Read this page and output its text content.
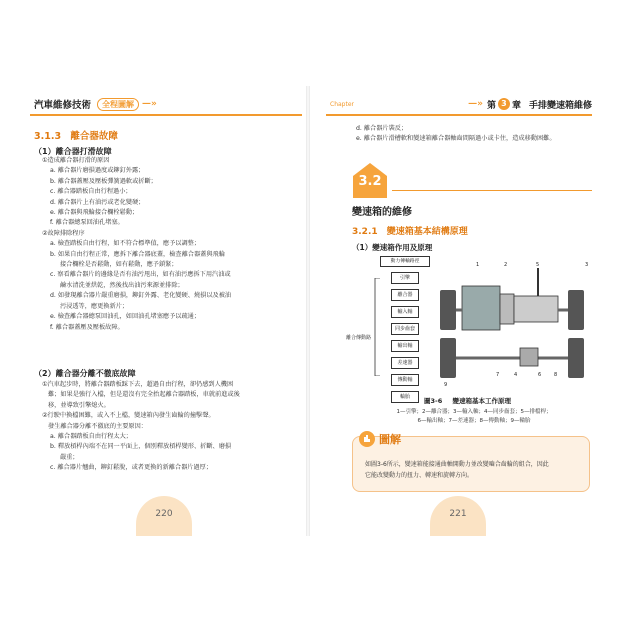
汽車維修技術	全程圖解 —»
3.1.3 離合器故障
（1）離合器打滑故障
①造成離合器打滑的原因
a. 離合器片磨損過度或鉚釘外露；
b. 離合器蓋壓及壓板彈簧過軟或折斷；
c. 離合器踏板自由行程過小；
d. 離合器片上有油污或老化變硬；
e. 離合器與飛輪接合欄栓鬆動；
f. 離合器總泵回油孔堵塞。
②故障排除程序
a. 檢查踏板自由行程，如不符合標準值，應予以調整；
b. 如果自由行程正常，應拆下離合器底蓋，檢查離合器蓋與飛輪
接合欄栓是否鬆動，如有鬆動，應予鎖緊；
c. 察看離合器片的邊緣是否有油污甩出，如有油污應拆下用汽油或
鹼水清洗並烘乾，然後找出油污來源並排除；
d. 如發現離合器片嚴重磨損，鉚釘外露、老化變硬、燒損以及被油
污浸透等，應更換新片；
e. 檢查離合器總泵回油孔，如回油孔堵塞應予以疏通；
f. 離合器蓋壓及壓板故障。
（2）離合器分離不徹底故障
①汽車起步時，將離合器踏板踩下去，超過自由行程，卻仍感到人機困
難；如果是強行入檔，但是還沒有完全抬起離合器踏板，車就前進或後
移，並導致引擎熄火。
②行駛中換檔困難，或入不上檔，變速箱內發生齒輪的撞擊聲。
發生離合器分離不徹底的主要原因：
a. 離合器踏板自由行程太大；
b. 釋放槓桿內端不在同一平面上，個別釋放槓桿變形、折斷、磨損
嚴重；
c. 離合器片翹曲，鉚釘鬆脫，或者更換的新離合器片過厚；
220
Chapter	—» 第 3 章 手排變速箱維修
d. 離合器片裝反；
e. 離合器片滑槽軟和變速箱離合器軸齒間隔過小或卡住，造成移動困難。
3.2
變速箱的維修
3.2.1 變速箱基本結構原理
（1）變速箱作用及原理
動力傳輸路徑
引擎
離合器
輸入軸
同步齒套
輸出軸
差速器
傳動軸
輪胎
離合傳動路
1	2	3
4
5
6
7	8
9
圖3-6 變速箱基本工作原理
1—引擎；2—離合器；3—輸入軸；4—同步齒套；5—排檔桿；
6—輸出軸；7—差速器；8—傳動軸；9—輪胎
圖解
如圖3-6所示，變速箱能接通曲軸開動力並改變嚙合齒輪的組合，因此
它能改變動力的扭力、轉速和旋轉方向。
221
